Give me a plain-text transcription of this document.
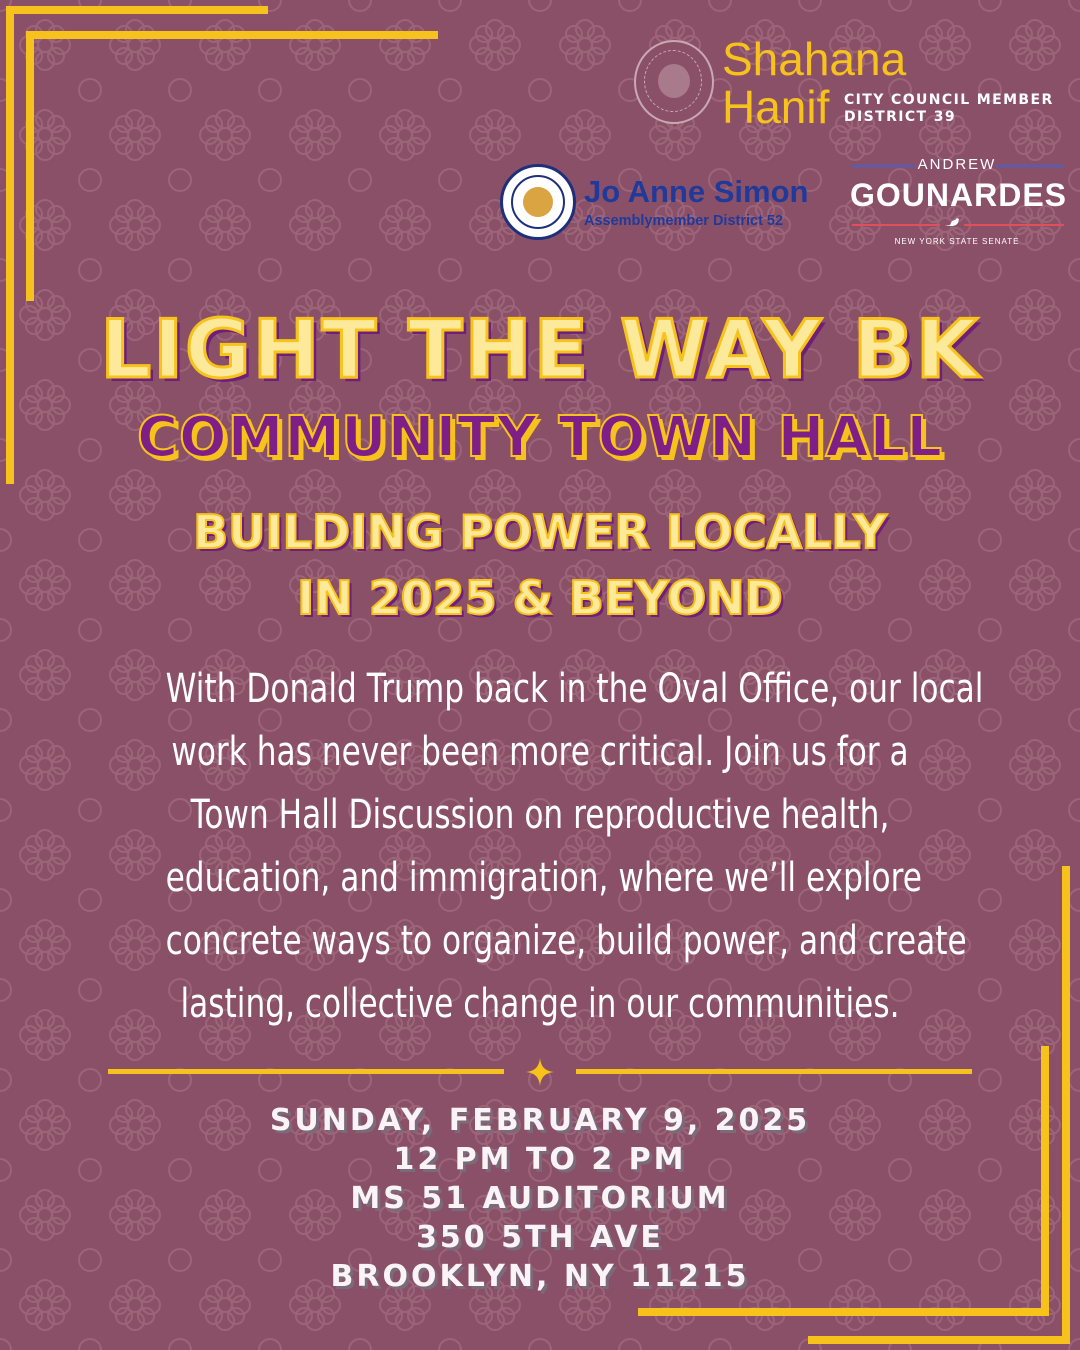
Shahana
Hanif CITY COUNCIL MEMBER
DISTRICT 39
Jo Anne Simon
Assemblymember District 52
ANDREW
GOUNARDES
NEW YORK STATE SENATE
LIGHT THE WAY BK
COMMUNITY TOWN HALL
BUILDING POWER LOCALLY
IN 2025 & BEYOND
With Donald Trump back in the Oval Office, our local
work has never been more critical. Join us for a
Town Hall Discussion on reproductive health,
education, and immigration, where we’ll explore
concrete ways to organize, build power, and create
lasting, collective change in our communities.
SUNDAY, FEBRUARY 9, 2025
12 PM TO 2 PM
MS 51 AUDITORIUM
350 5TH AVE
BROOKLYN, NY 11215
